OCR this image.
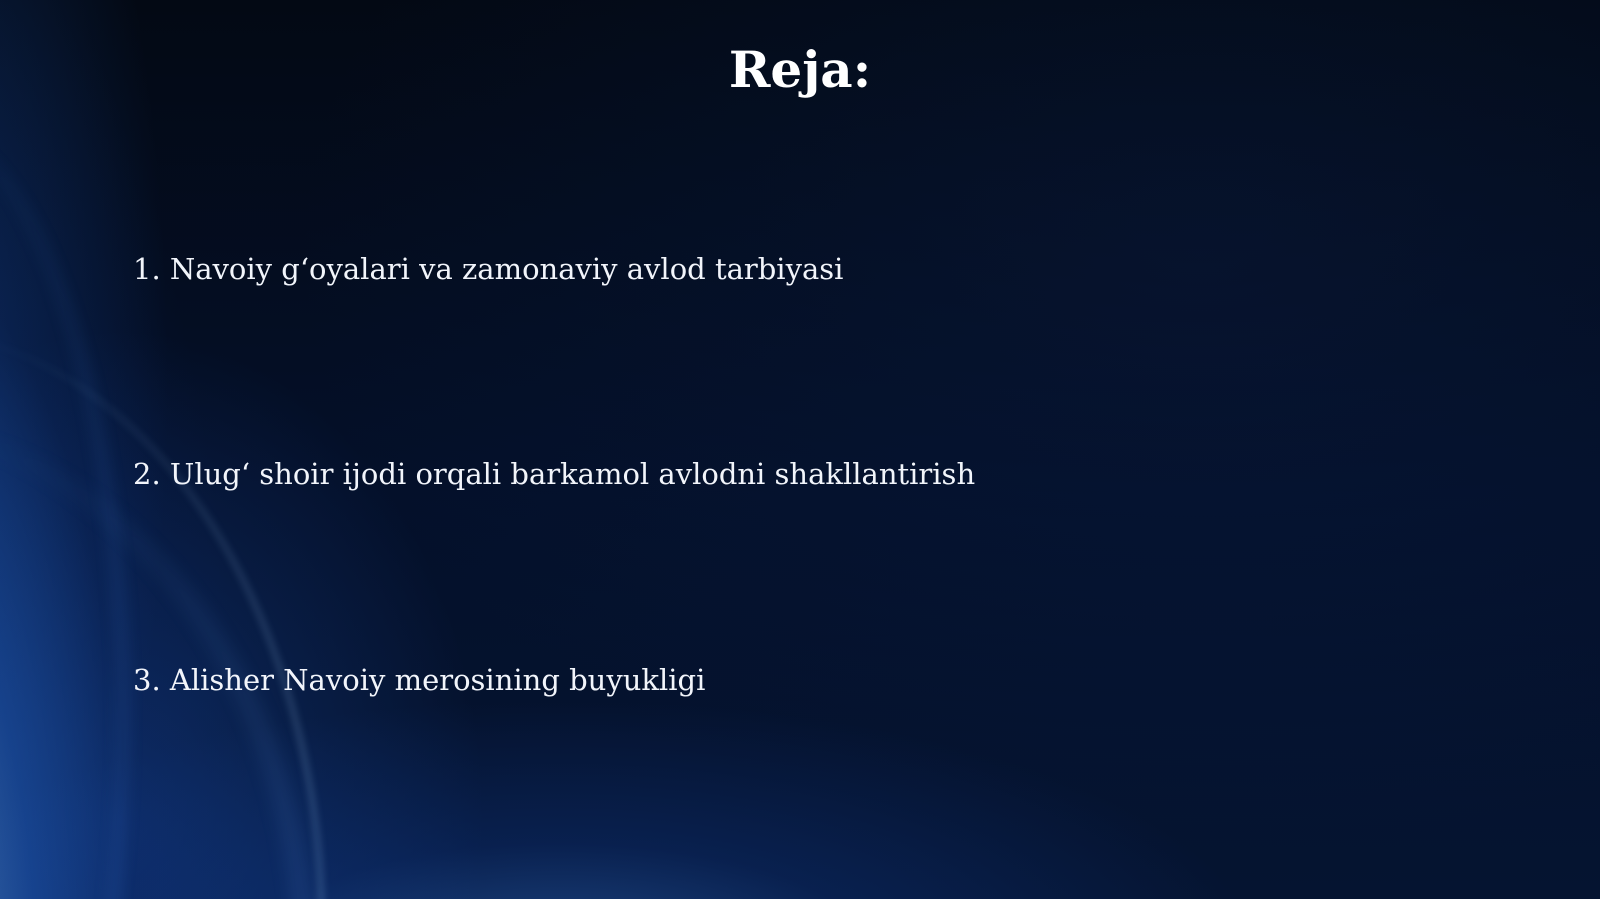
Reja:
1. Navoiy g‘oyalari va zamonaviy avlod tarbiyasi
2. Ulug‘ shoir ijodi orqali barkamol avlodni shakllantirish
3. Alisher Navoiy merosining buyukligi
